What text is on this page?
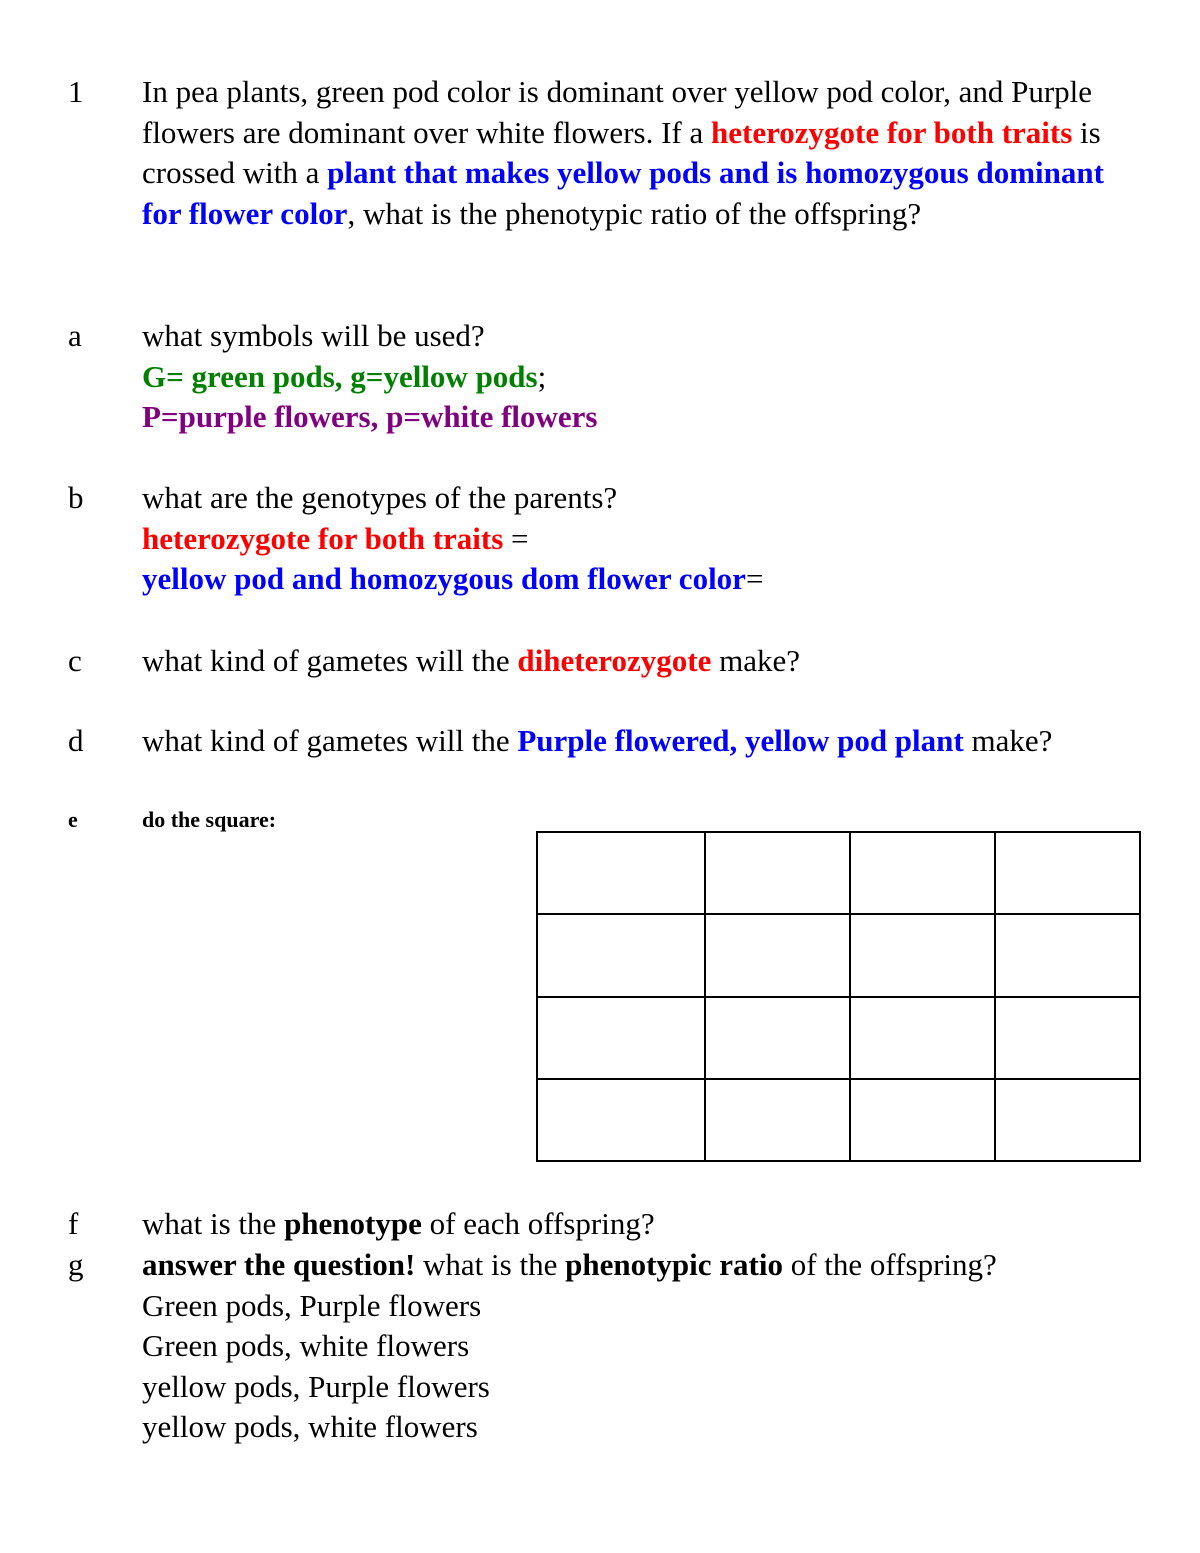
1 In pea plants, green pod color is dominant over yellow pod color, and Purple flowers are dominant over white flowers. If a heterozygote for both traits is crossed with a plant that makes yellow pods and is homozygous dominant for flower color, what is the phenotypic ratio of the offspring?
a what symbols will be used?
G= green pods, g=yellow pods;
P=purple flowers, p=white flowers
b what are the genotypes of the parents?
heterozygote for both traits =
yellow pod and homozygous dom flower color=
c what kind of gametes will the diheterozygote make?
d what kind of gametes will the Purple flowered, yellow pod plant make?
e	do the square:

f what is the phenotype of each offspring?
g answer the question! what is the phenotypic ratio of the offspring?
Green pods, Purple flowers
Green pods, white flowers
yellow pods, Purple flowers
yellow pods, white flowers
